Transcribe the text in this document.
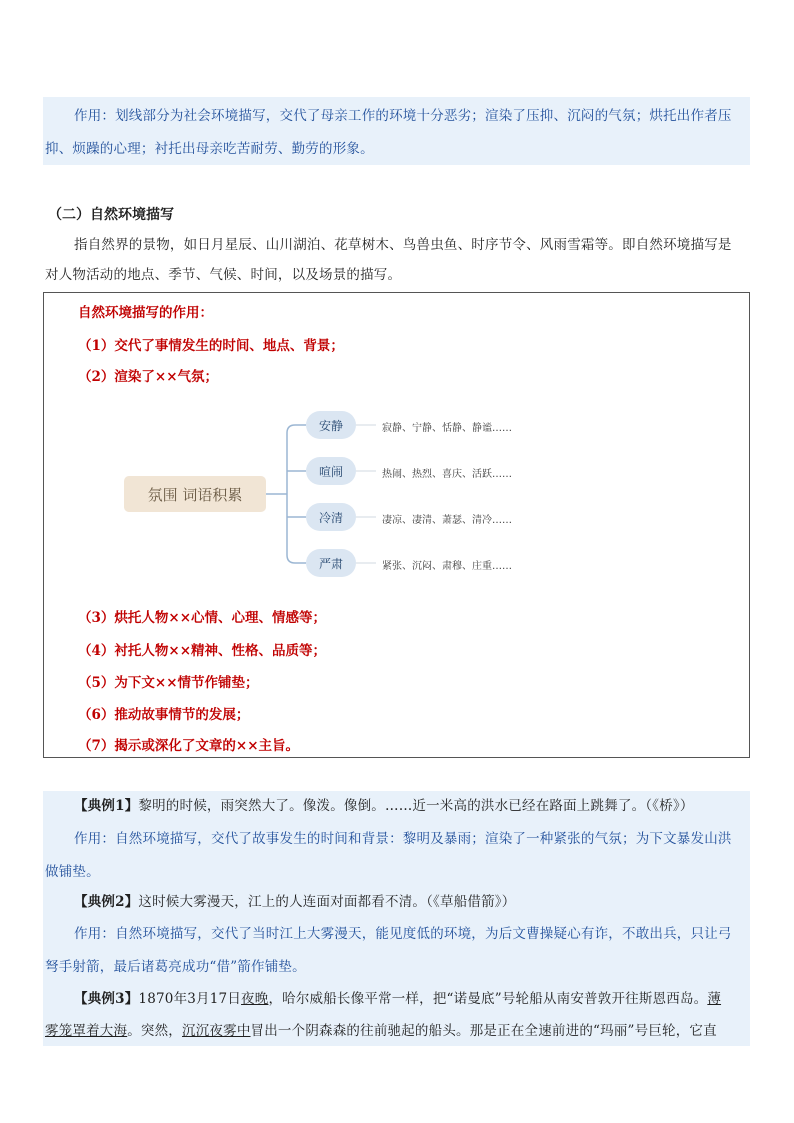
作用：划线部分为社会环境描写，交代了母亲工作的环境十分恶劣；渲染了压抑、沉闷的气氛；烘托出作者压
抑、烦躁的心理；衬托出母亲吃苦耐劳、勤劳的形象。
（二）自然环境描写
指自然界的景物，如日月星辰、山川湖泊、花草树木、鸟兽虫鱼、时序节令、风雨雪霜等。即自然环境描写是
对人物活动的地点、季节、气候、时间，以及场景的描写。
自然环境描写的作用：
（1）交代了事情发生的时间、地点、背景；
（2）渲染了××气氛；
氛围 词语积累
安静	寂静、宁静、恬静、静谧……
喧闹	热闹、热烈、喜庆、活跃……
冷清	凄凉、凄清、萧瑟、清冷……
严肃	紧张、沉闷、肃穆、庄重……
（3）烘托人物××心情、心理、情感等；
（4）衬托人物××精神、性格、品质等；
（5）为下文××情节作铺垫；
（6）推动故事情节的发展；
（7）揭示或深化了文章的××主旨。
【典例1】黎明的时候，雨突然大了。像泼。像倒。……近一米高的洪水已经在路面上跳舞了。（《桥》）
作用：自然环境描写，交代了故事发生的时间和背景：黎明及暴雨；渲染了一种紧张的气氛；为下文暴发山洪
做铺垫。
【典例2】这时候大雾漫天，江上的人连面对面都看不清。（《草船借箭》）
作用：自然环境描写，交代了当时江上大雾漫天，能见度低的环境，为后文曹操疑心有诈，不敢出兵，只让弓
弩手射箭，最后诸葛亮成功“借”箭作铺垫。
【典例3】1870年3月17日夜晚，哈尔威船长像平常一样，把“诺曼底”号轮船从南安普敦开往斯恩西岛。薄
雾笼罩着大海。突然，沉沉夜雾中冒出一个阴森森的往前驰起的船头。那是正在全速前进的“玛丽”号巨轮，它直
